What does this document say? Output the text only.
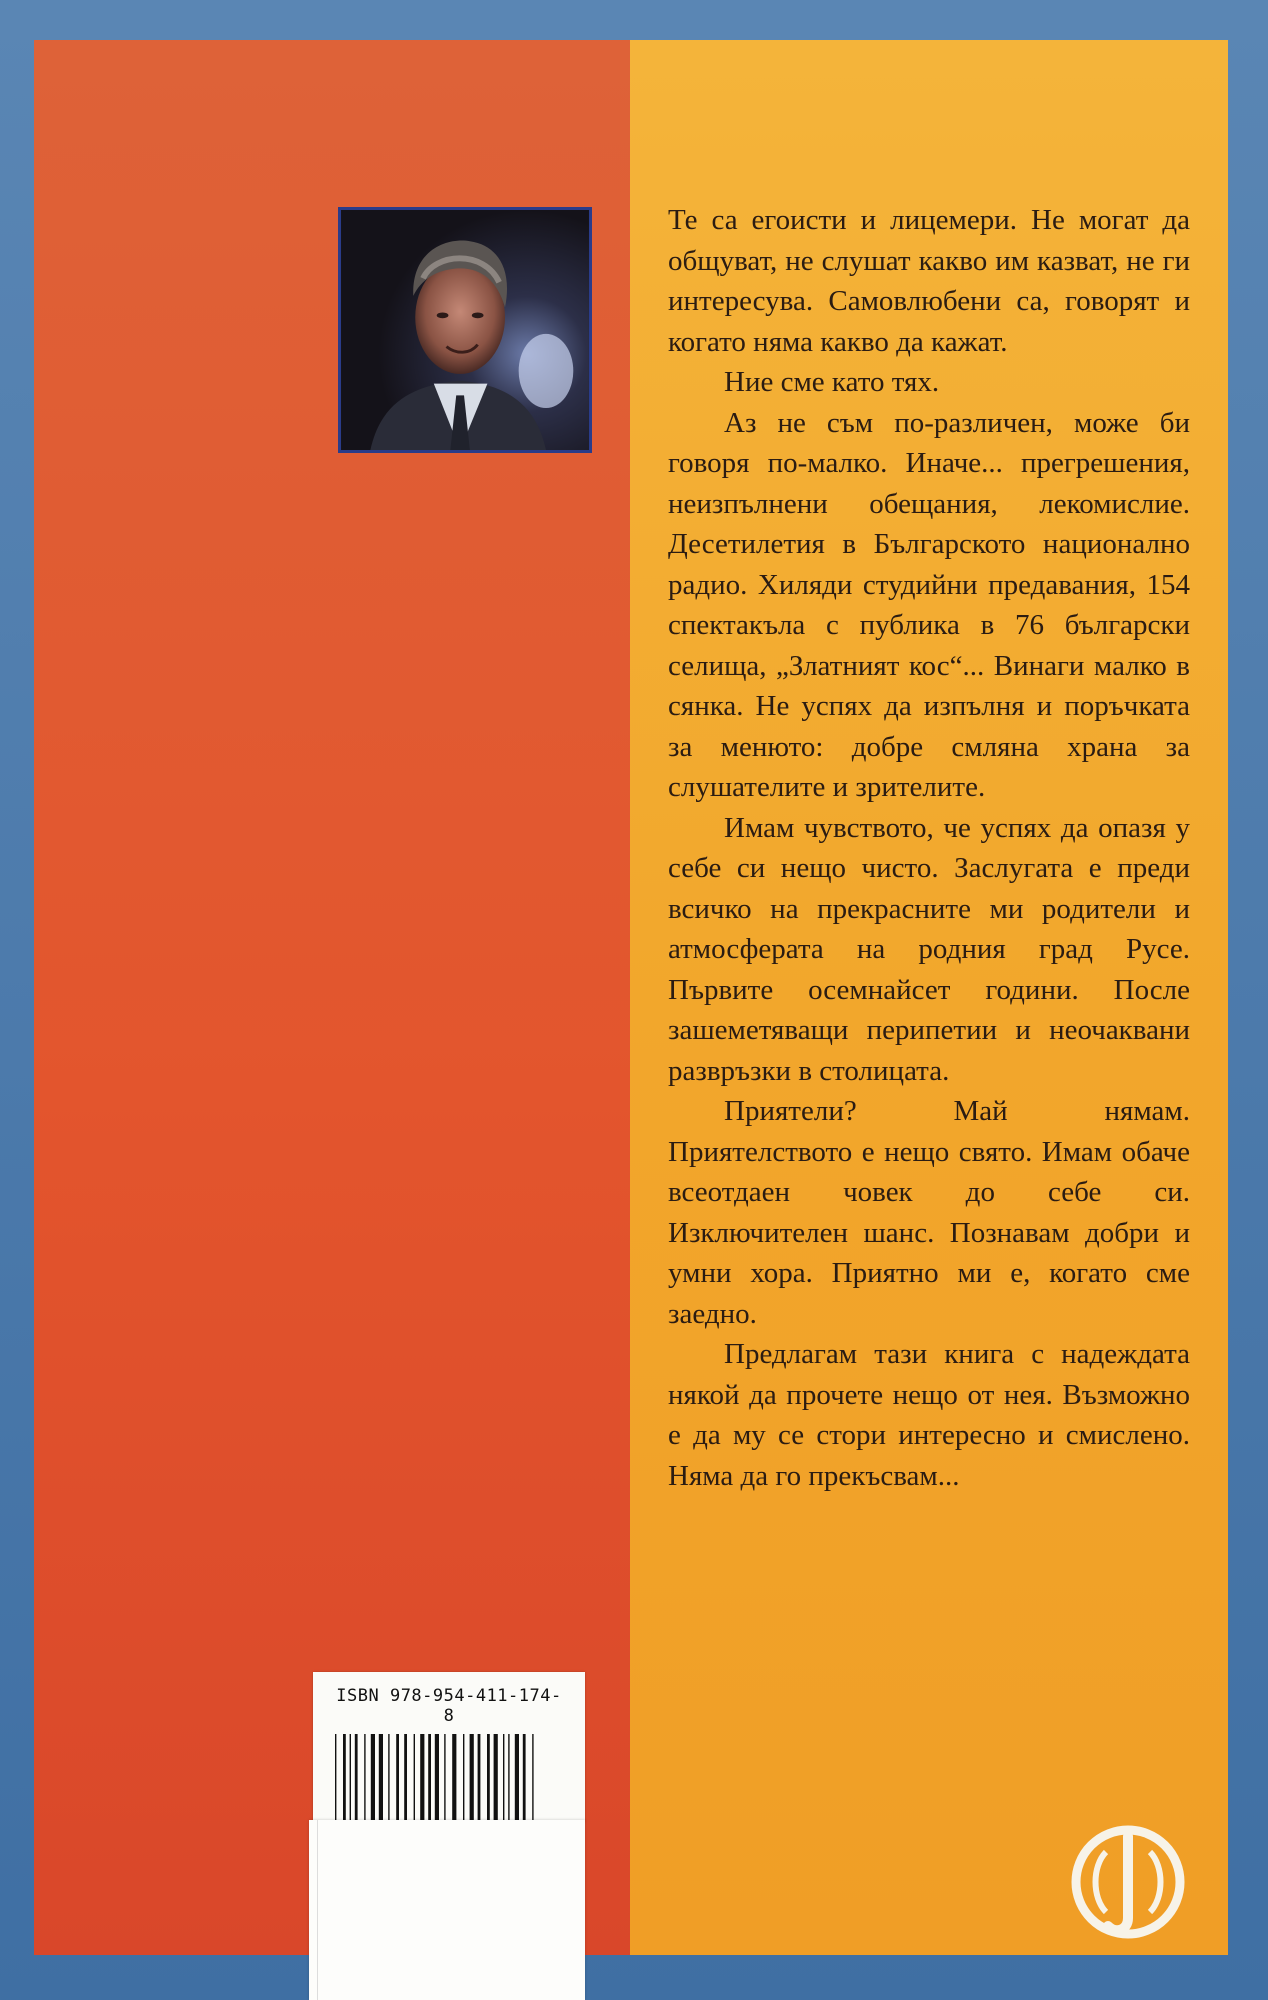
Те са егоисти и лицемери. Не могат да общуват, не слушат какво им казват, не ги интересува. Самовлюбени са, говорят и когато няма какво да кажат.

Ние сме като тях.

Аз не съм по-различен, може би говоря по-малко. Иначе... прегрешения, неизпълнени обещания, лекомислие. Десетилетия в Българското национално радио. Хиляди студийни предавания, 154 спектакъла с публика в 76 български селища, „Златният кос“... Винаги малко в сянка. Не успях да изпълня и поръчката за менюто: добре смляна храна за слушателите и зрителите.

Имам чувството, че успях да опазя у себе си нещо чисто. Заслугата е преди всичко на прекрасните ми родители и атмосферата на родния град Русе. Първите осемнайсет години. После зашеметяващи перипетии и неочаквани развръзки в столицата.

Приятели? Май нямам. Приятелството е нещо свято. Имам обаче всеотдаен човек до себе си. Изключителен шанс. Познавам добри и умни хора. Приятно ми е, когато сме заедно.

Предлагам тази книга с надеждата някой да прочете нещо от нея. Възможно е да му се стори интересно и смислено. Няма да го прекъсвам...

ISBN 978-954-411-174-8
